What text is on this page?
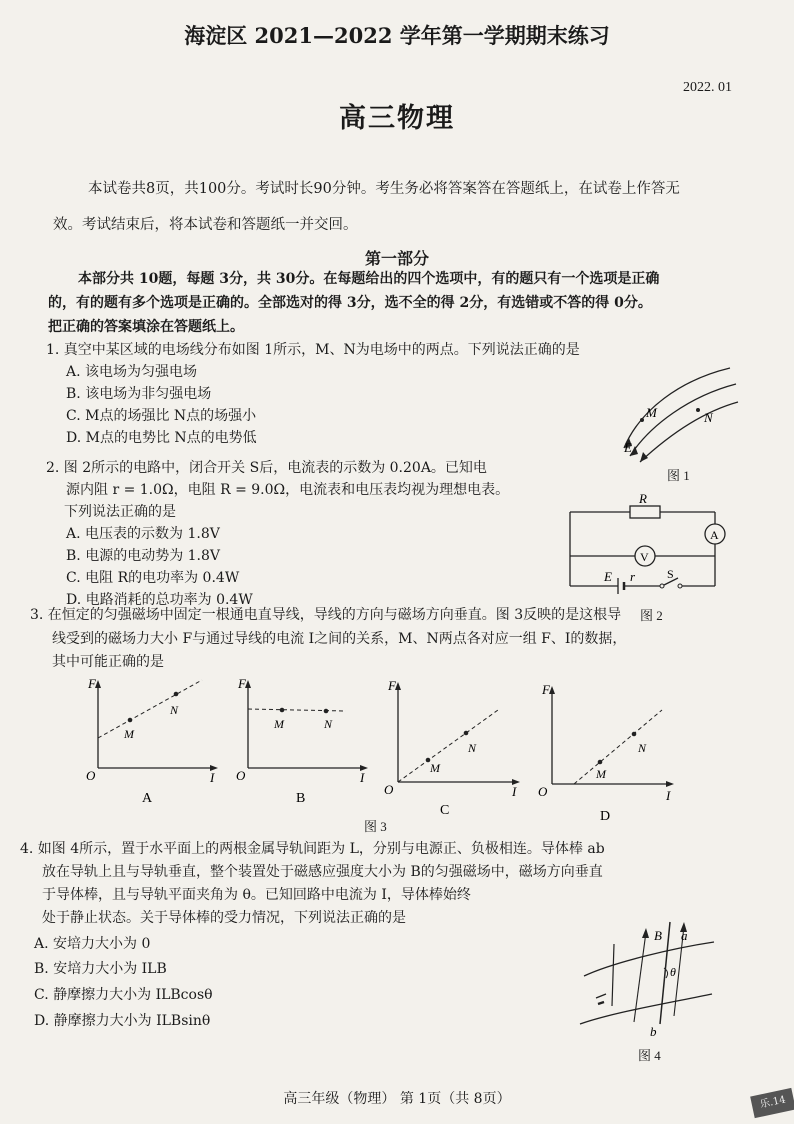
海淀区 2021—2022 学年第一学期期末练习
2022. 01
高三物理
本试卷共8页，共100分。考试时长90分钟。考生务必将答案答在答题纸上，在试卷上作答无
效。考试结束后，将本试卷和答题纸一并交回。
第一部分
本部分共 10题，每题 3分，共 30分。在每题给出的四个选项中，有的题只有一个选项是正确
的，有的题有多个选项是正确的。全部选对的得 3分，选不全的得 2分，有选错或不答的得 0分。
把正确的答案填涂在答题纸上。
1. 真空中某区域的电场线分布如图 1所示，M、N为电场中的两点。下列说法正确的是
A. 该电场为匀强电场
B. 该电场为非匀强电场
C. M点的场强比 N点的场强小
D. M点的电势比 N点的电势低
M	N
E
图 1
2. 图 2所示的电路中，闭合开关 S后，电流表的示数为 0.20A。已知电
源内阻 r = 1.0Ω，电阻 R = 9.0Ω，电流表和电压表均视为理想电表。
下列说法正确的是
A. 电压表的示数为 1.8V
B. 电源的电动势为 1.8V
C. 电阻 R的电功率为 0.4W
D. 电路消耗的总功率为 0.4W
R
A
V
E r	S
图 2
3. 在恒定的匀强磁场中固定一根通电直导线，导线的方向与磁场方向垂直。图 3反映的是这根导
线受到的磁场力大小 F与通过导线的电流 I之间的关系，M、N两点各对应一组 F、I的数据，
其中可能正确的是
F
I
O
M
N
A
F
I
O
M	N
B
F
I
O
M
N
C
F
I
O
M
N
D
图 3
4. 如图 4所示，置于水平面上的两根金属导轨间距为 L，分别与电源正、负极相连。导体棒 ab
放在导轨上且与导轨垂直，整个装置处于磁感应强度大小为 B的匀强磁场中，磁场方向垂直
于导体棒，且与导轨平面夹角为 θ。已知回路中电流为 I，导体棒始终
处于静止状态。关于导体棒的受力情况，下列说法正确的是
A. 安培力大小为 0
B. 安培力大小为 ILB
C. 静摩擦力大小为 ILBcosθ
D. 静摩擦力大小为 ILBsinθ
B a
θ
b
图 4
高三年级（物理） 第 1页（共 8页）	乐.14
